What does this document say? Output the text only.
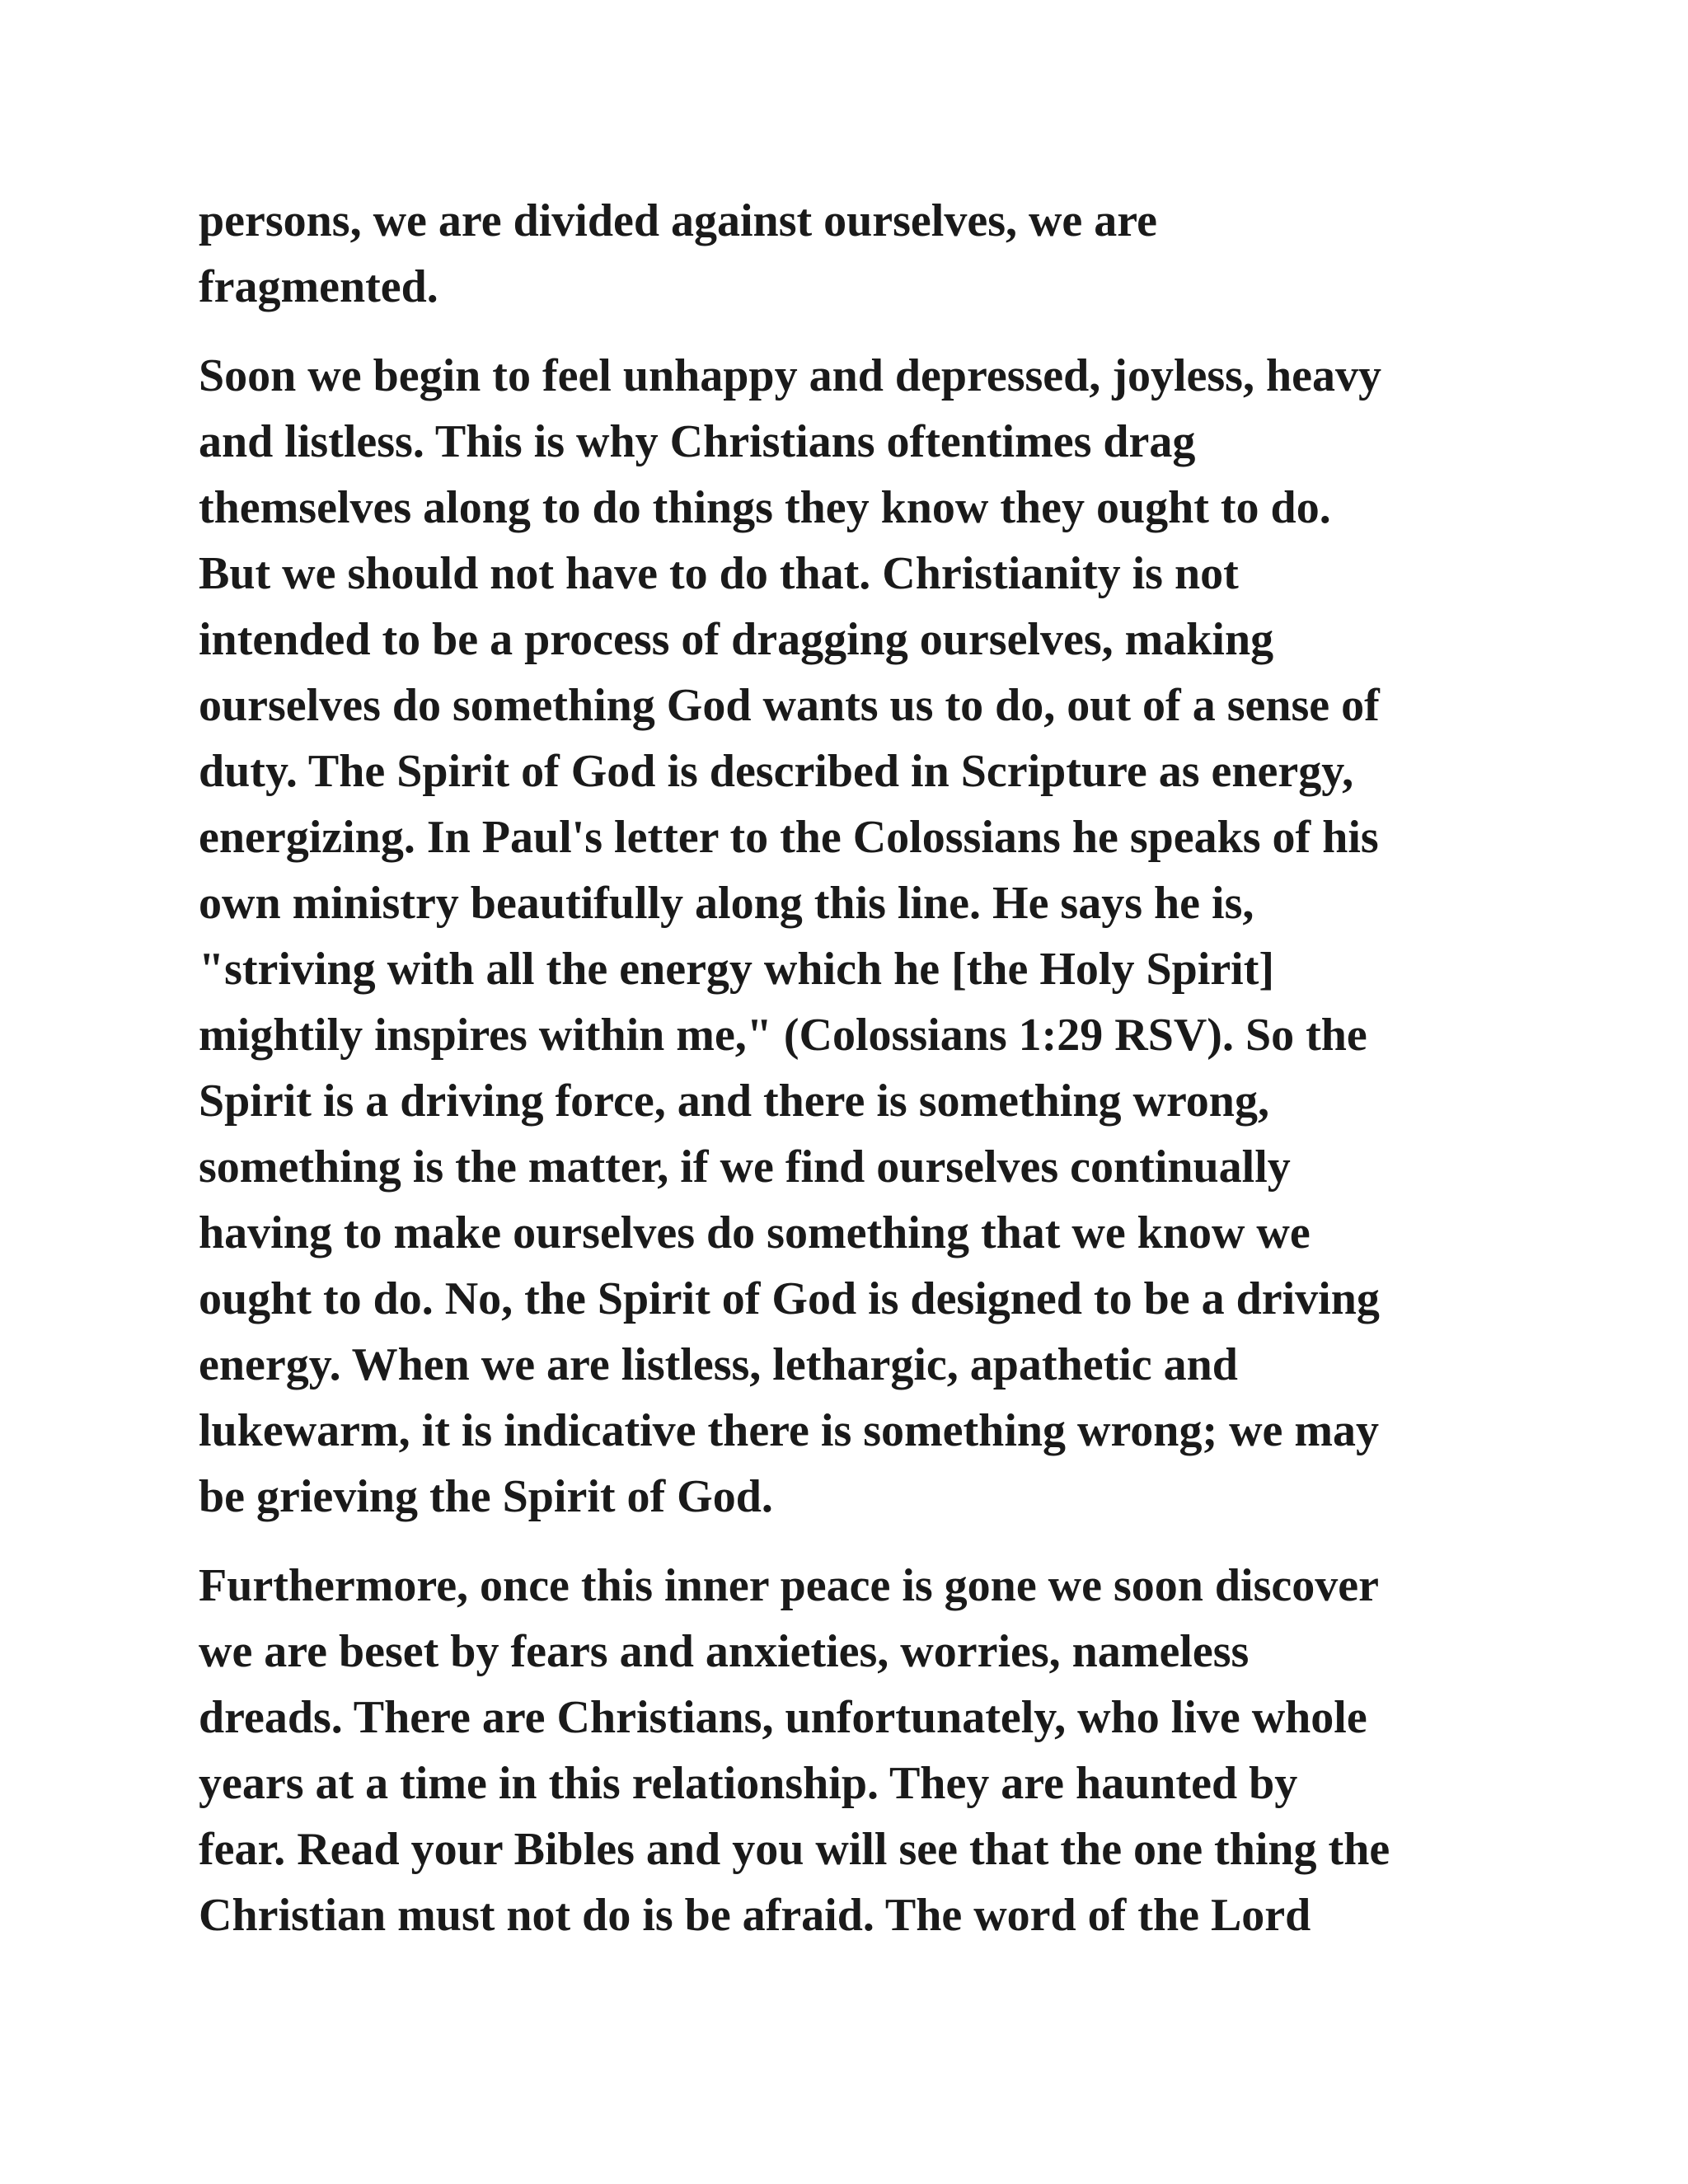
persons, we are divided against ourselves, we are
fragmented.

Soon we begin to feel unhappy and depressed, joyless, heavy
and listless. This is why Christians oftentimes drag
themselves along to do things they know they ought to do.
But we should not have to do that. Christianity is not
intended to be a process of dragging ourselves, making
ourselves do something God wants us to do, out of a sense of
duty. The Spirit of God is described in Scripture as energy,
energizing. In Paul's letter to the Colossians he speaks of his
own ministry beautifully along this line. He says he is,
"striving with all the energy which he [the Holy Spirit]
mightily inspires within me," (Colossians 1:29 RSV). So the
Spirit is a driving force, and there is something wrong,
something is the matter, if we find ourselves continually
having to make ourselves do something that we know we
ought to do. No, the Spirit of God is designed to be a driving
energy. When we are listless, lethargic, apathetic and
lukewarm, it is indicative there is something wrong; we may
be grieving the Spirit of God.

Furthermore, once this inner peace is gone we soon discover
we are beset by fears and anxieties, worries, nameless
dreads. There are Christians, unfortunately, who live whole
years at a time in this relationship. They are haunted by
fear. Read your Bibles and you will see that the one thing the
Christian must not do is be afraid. The word of the Lord
